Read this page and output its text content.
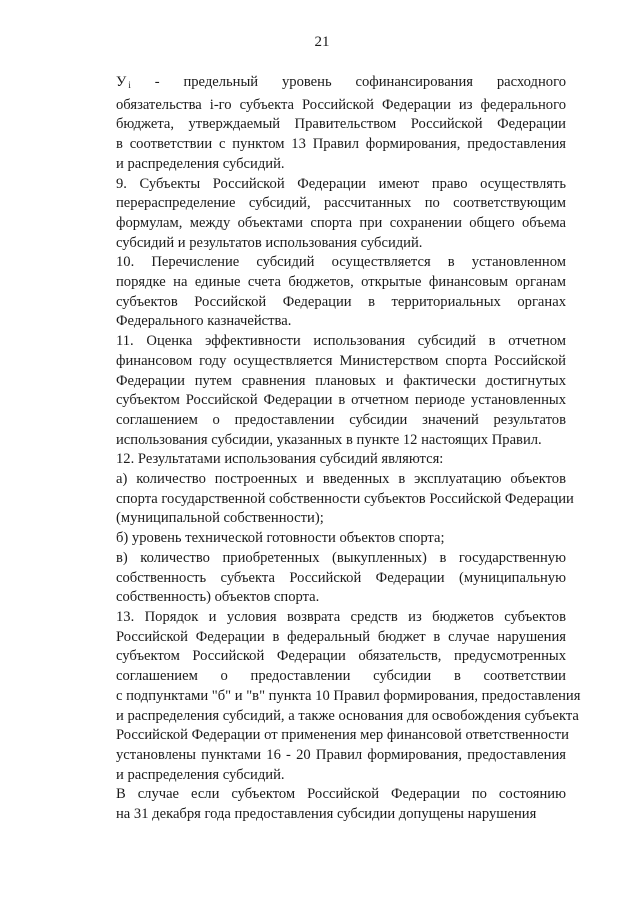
21
У $_i$ - предельный уровень софинансирования расходного
обязательства i-го субъекта Российской Федерации из федерального
бюджета, утверждаемый Правительством Российской Федерации
в соответствии с пунктом 13 Правил формирования, предоставления
и распределения субсидий.
9. Субъекты Российской Федерации имеют право осуществлять
перераспределение субсидий, рассчитанных по соответствующим
формулам, между объектами спорта при сохранении общего объема
субсидий и результатов использования субсидий.
10. Перечисление субсидий осуществляется в установленном
порядке на единые счета бюджетов, открытые финансовым органам
субъектов Российской Федерации в территориальных органах
Федерального казначейства.
11. Оценка эффективности использования субсидий в отчетном
финансовом году осуществляется Министерством спорта Российской
Федерации путем сравнения плановых и фактически достигнутых
субъектом Российской Федерации в отчетном периоде установленных
соглашением о предоставлении субсидии значений результатов
использования субсидии, указанных в пункте 12 настоящих Правил.
12. Результатами использования субсидий являются:
а) количество построенных и введенных в эксплуатацию объектов
спорта государственной собственности субъектов Российской Федерации
(муниципальной собственности);
б) уровень технической готовности объектов спорта;
в) количество приобретенных (выкупленных) в государственную
собственность субъекта Российской Федерации (муниципальную
собственность) объектов спорта.
13. Порядок и условия возврата средств из бюджетов субъектов
Российской Федерации в федеральный бюджет в случае нарушения
субъектом Российской Федерации обязательств, предусмотренных
соглашением о предоставлении субсидии в соответствии
с подпунктами "б" и "в" пункта 10 Правил формирования, предоставления
и распределения субсидий, а также основания для освобождения субъекта
Российской Федерации от применения мер финансовой ответственности
установлены пунктами 16 - 20 Правил формирования, предоставления
и распределения субсидий.
В случае если субъектом Российской Федерации по состоянию
на 31 декабря года предоставления субсидии допущены нарушения
